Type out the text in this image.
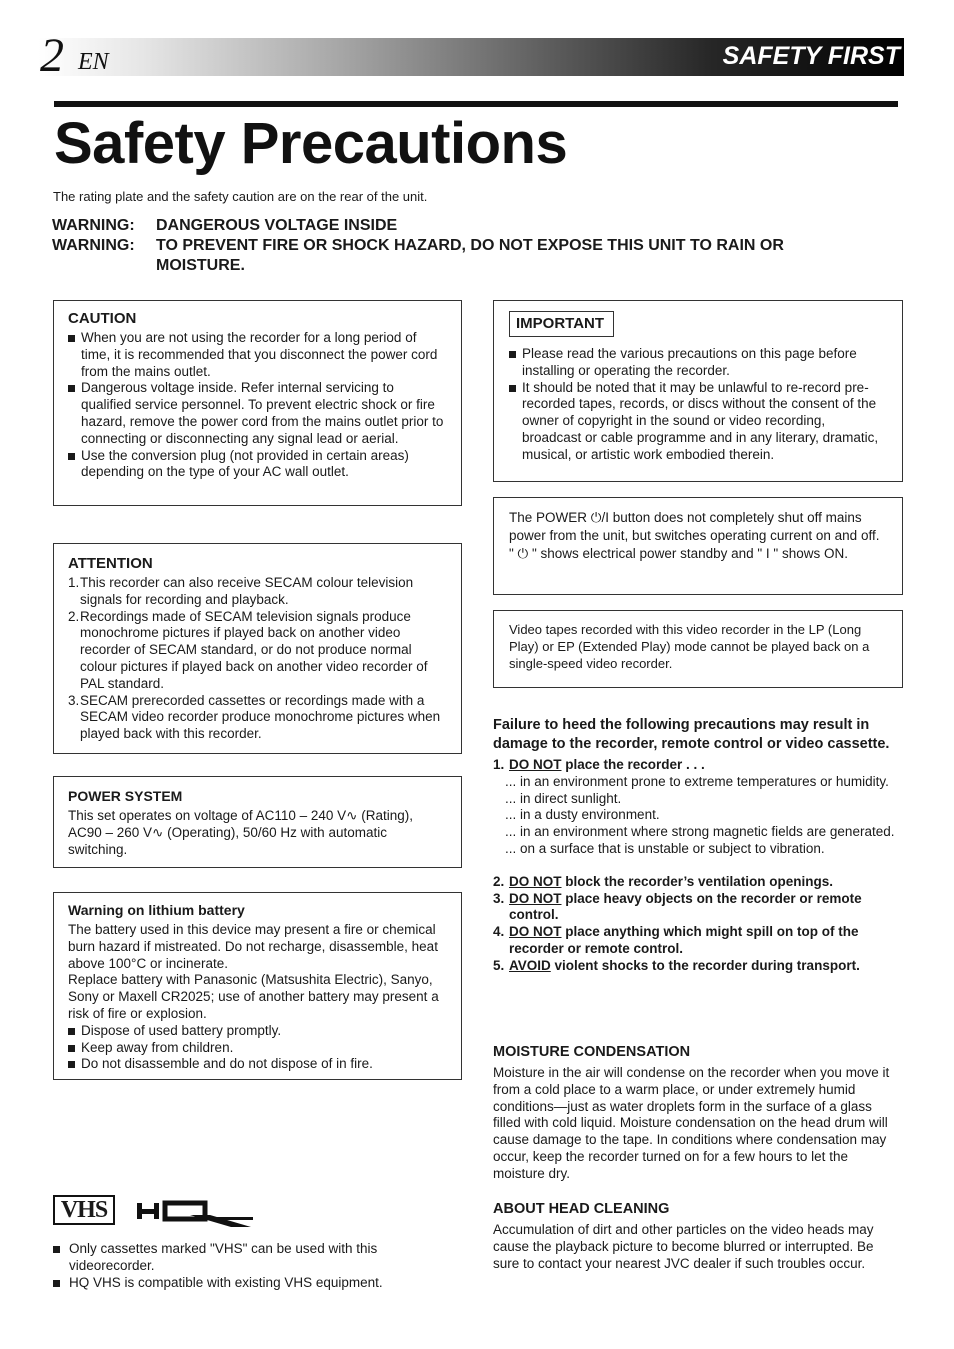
2 EN	SAFETY FIRST
Safety Precautions
The rating plate and the safety caution are on the rear of the unit.
WARNING:	DANGEROUS VOLTAGE INSIDE
WARNING:	TO PREVENT FIRE OR SHOCK HAZARD, DO NOT EXPOSE THIS UNIT TO RAIN OR MOISTURE.
CAUTION
When you are not using the recorder for a long period of time, it is recommended that you disconnect the power cord from the mains outlet.
Dangerous voltage inside. Refer internal servicing to qualified service personnel. To prevent electric shock or fire hazard, remove the power cord from the mains outlet prior to connecting or disconnecting any signal lead or aerial.
Use the conversion plug (not provided in certain areas) depending on the type of your AC wall outlet.
ATTENTION
1. This recorder can also receive SECAM colour television signals for recording and playback.
2. Recordings made of SECAM television signals produce monochrome pictures if played back on another video recorder of SECAM standard, or do not produce normal colour pictures if played back on another video recorder of PAL standard.
3. SECAM prerecorded cassettes or recordings made with a SECAM video recorder produce monochrome pictures when played back with this recorder.
POWER SYSTEM
This set operates on voltage of AC110 – 240 V∿ (Rating), AC90 – 260 V∿ (Operating), 50/60 Hz with automatic switching.
Warning on lithium battery

The battery used in this device may present a fire or chemical burn hazard if mistreated. Do not recharge, disassemble, heat above 100°C or incinerate.

Replace battery with Panasonic (Matsushita Electric), Sanyo, Sony or Maxell CR2025; use of another battery may present a risk of fire or explosion.

Dispose of used battery promptly.
Keep away from children.
Do not disassemble and do not dispose of in fire.
VHS
Only cassettes marked "VHS" can be used with this videorecorder.
HQ VHS is compatible with existing VHS equipment.
IMPORTANT
Please read the various precautions on this page before installing or operating the recorder.
It should be noted that it may be unlawful to re-record pre-recorded tapes, records, or discs without the consent of the owner of copyright in the sound or video recording, broadcast or cable programme and in any literary, dramatic, musical, or artistic work embodied therein.
The POWER ⏻/I button does not completely shut off mains power from the unit, but switches operating current on and off. " ⏻ " shows electrical power standby and " I " shows ON.
Video tapes recorded with this video recorder in the LP (Long Play) or EP (Extended Play) mode cannot be played back on a single-speed video recorder.
Failure to heed the following precautions may result in damage to the recorder, remote control or video cassette.
1. DO NOT place the recorder . . .
... in an environment prone to extreme temperatures or humidity.
... in direct sunlight.
... in a dusty environment.
... in an environment where strong magnetic fields are generated.
... on a surface that is unstable or subject to vibration.
2. DO NOT block the recorder’s ventilation openings.
3. DO NOT place heavy objects on the recorder or remote control.
4. DO NOT place anything which might spill on top of the recorder or remote control.
5. AVOID violent shocks to the recorder during transport.
MOISTURE CONDENSATION
Moisture in the air will condense on the recorder when you move it from a cold place to a warm place, or under extremely humid conditions—just as water droplets form in the surface of a glass filled with cold liquid. Moisture condensation on the head drum will cause damage to the tape. In conditions where condensation may occur, keep the recorder turned on for a few hours to let the moisture dry.
ABOUT HEAD CLEANING
Accumulation of dirt and other particles on the video heads may cause the playback picture to become blurred or interrupted. Be sure to contact your nearest JVC dealer if such troubles occur.
